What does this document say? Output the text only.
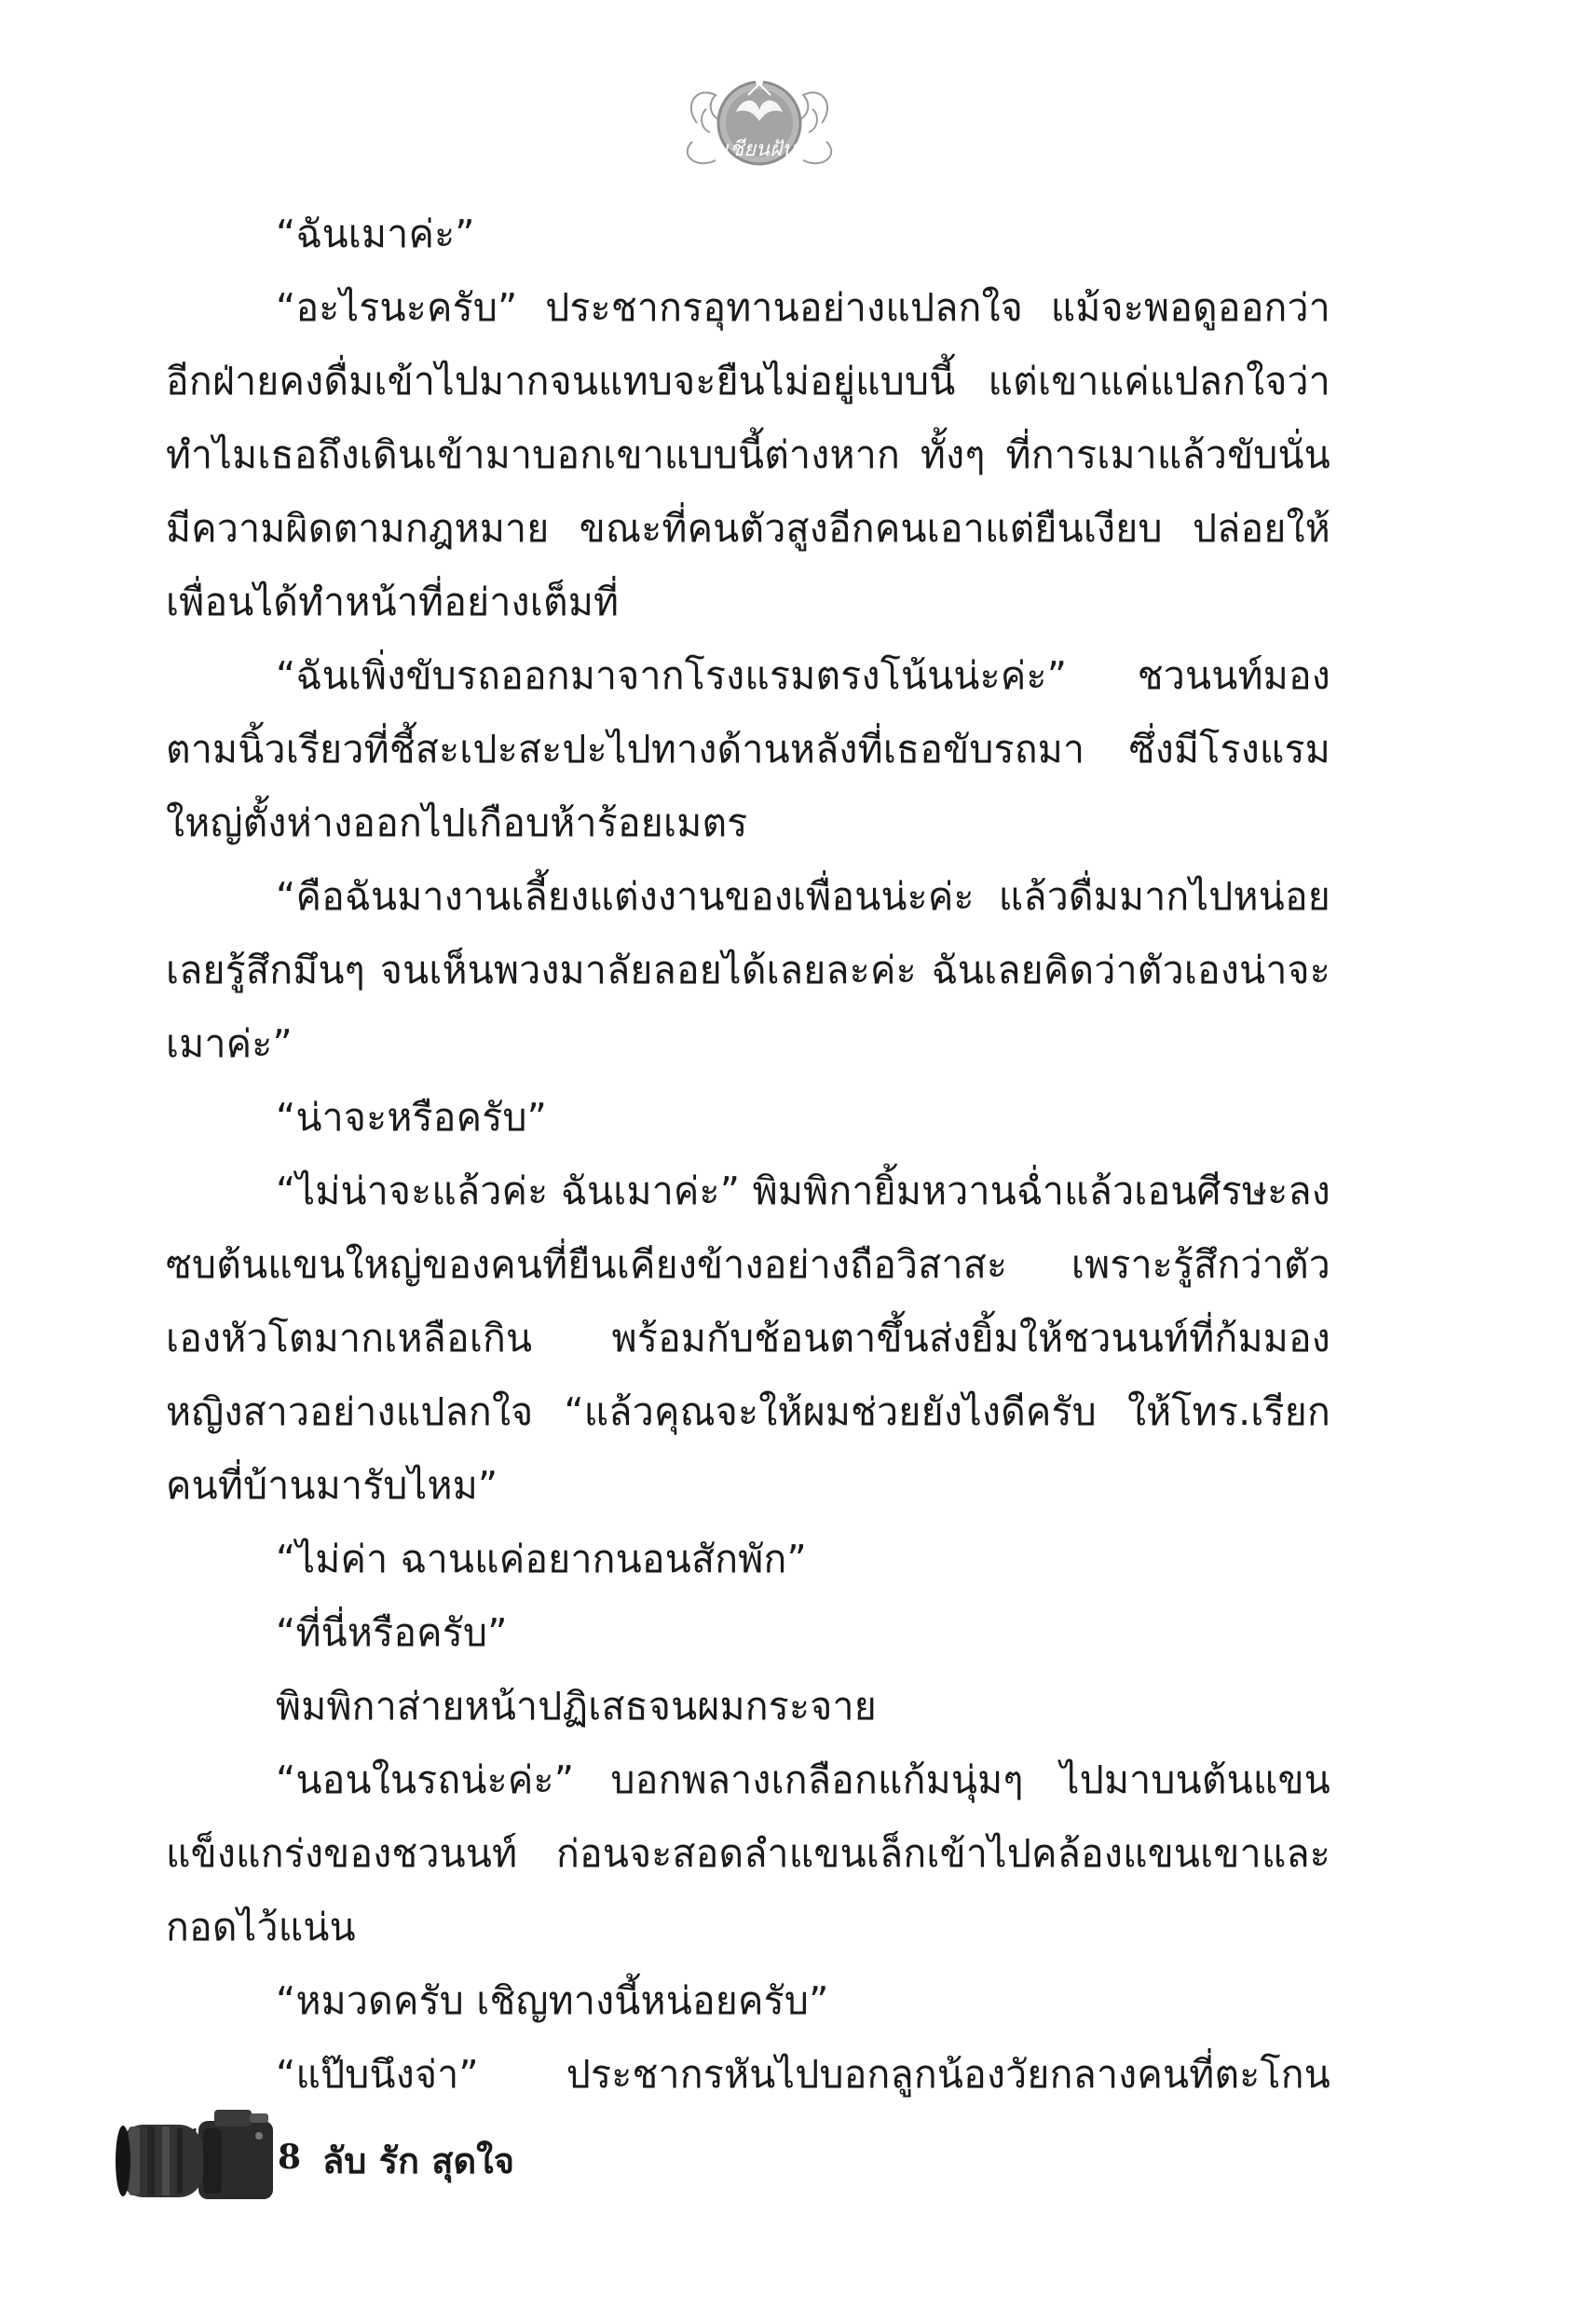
เชียนฝัน

“ฉันเมาค่ะ”

“อะไรนะครับ” ประชากรอุทานอย่างแปลกใจ แม้จะพอดูออกว่าอีกฝ่ายคงดื่มเข้าไปมากจนแทบจะยืนไม่อยู่แบบนี้ แต่เขาแค่แปลกใจว่าทำไมเธอถึงเดินเข้ามาบอกเขาแบบนี้ต่างหาก ทั้งๆ ที่การเมาแล้วขับนั่นมีความผิดตามกฎหมาย ขณะที่คนตัวสูงอีกคนเอาแต่ยืนเงียบ ปล่อยให้เพื่อนได้ทำหน้าที่อย่างเต็มที่

“ฉันเพิ่งขับรถออกมาจากโรงแรมตรงโน้นน่ะค่ะ” ชวนนท์มองตามนิ้วเรียวที่ชี้สะเปะสะปะไปทางด้านหลังที่เธอขับรถมา ซึ่งมีโรงแรมใหญ่ตั้งห่างออกไปเกือบห้าร้อยเมตร

“คือฉันมางานเลี้ยงแต่งงานของเพื่อนน่ะค่ะ แล้วดื่มมากไปหน่อยเลยรู้สึกมึนๆ จนเห็นพวงมาลัยลอยได้เลยละค่ะ ฉันเลยคิดว่าตัวเองน่าจะเมาค่ะ”

“น่าจะหรือครับ”

“ไม่น่าจะแล้วค่ะ ฉันเมาค่ะ” พิมพิกายิ้มหวานฉ่ำแล้วเอนศีรษะลงซบต้นแขนใหญ่ของคนที่ยืนเคียงข้างอย่างถือวิสาสะ เพราะรู้สึกว่าตัวเองหัวโตมากเหลือเกิน พร้อมกับช้อนตาขึ้นส่งยิ้มให้ชวนนท์ที่ก้มมองหญิงสาวอย่างแปลกใจ “แล้วคุณจะให้ผมช่วยยังไงดีครับ ให้โทร.เรียกคนที่บ้านมารับไหม”

“ไม่ค่า ฉานแค่อยากนอนสักพัก”

“ที่นี่หรือครับ”

พิมพิกาส่ายหน้าปฏิเสธจนผมกระจาย

“นอนในรถน่ะค่ะ” บอกพลางเกลือกแก้มนุ่มๆ ไปมาบนต้นแขนแข็งแกร่งของชวนนท์ ก่อนจะสอดลำแขนเล็กเข้าไปคล้องแขนเขาและกอดไว้แน่น

“หมวดครับ เชิญทางนี้หน่อยครับ”

“แป๊บนึงจ่า” ประชากรหันไปบอกลูกน้องวัยกลางคนที่ตะโกน

8 ลับ รัก สุดใจ
